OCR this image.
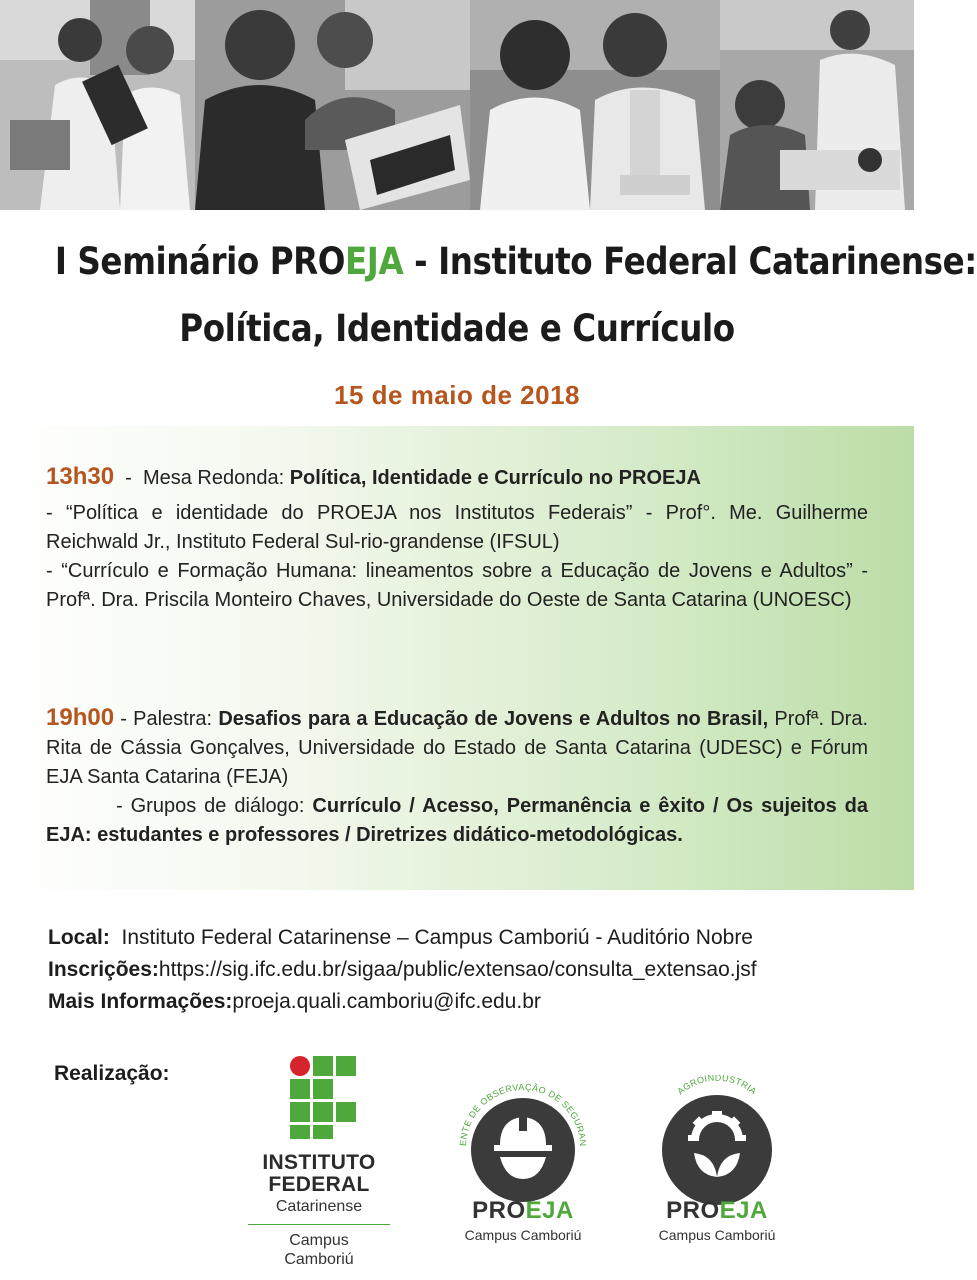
I Seminário PROEJA - Instituto Federal Catarinense:
Política, Identidade e Currículo
15 de maio de 2018
13h30  -  Mesa Redonda: Política, Identidade e Currículo no PROEJA
- “Política e identidade do PROEJA nos Institutos Federais” - Prof°. Me. Guilherme Reichwald Jr., Instituto Federal Sul-rio-grandense (IFSUL)
- “Currículo e Formação Humana: lineamentos sobre a Educação de Jovens e Adultos” - Profª. Dra. Priscila Monteiro Chaves, Universidade do Oeste de Santa Catarina (UNOESC)
19h00 - Palestra: Desafios para a Educação de Jovens e Adultos no Brasil, Profª. Dra. Rita de Cássia Gonçalves, Universidade do Estado de Santa Catarina (UDESC) e Fórum EJA Santa Catarina (FEJA)
- Grupos de diálogo: Currículo / Acesso, Permanência e êxito / Os sujeitos da EJA: estudantes e professores / Diretrizes didático-metodológicas.
Local:  Instituto Federal Catarinense – Campus Camboriú - Auditório Nobre
Inscrições:https://sig.ifc.edu.br/sigaa/public/extensao/consulta_extensao.jsf
Mais Informações:proeja.quali.camboriu@ifc.edu.br
Realização:
INSTITUTO
FEDERAL
Catarinense
Campus
Camboriú
ENTE DE OBSERVAÇÃO DE SEGURAN
PROEJA
Campus Camboriú
AGROINDÚSTRIA
PROEJA
Campus Camboriú
